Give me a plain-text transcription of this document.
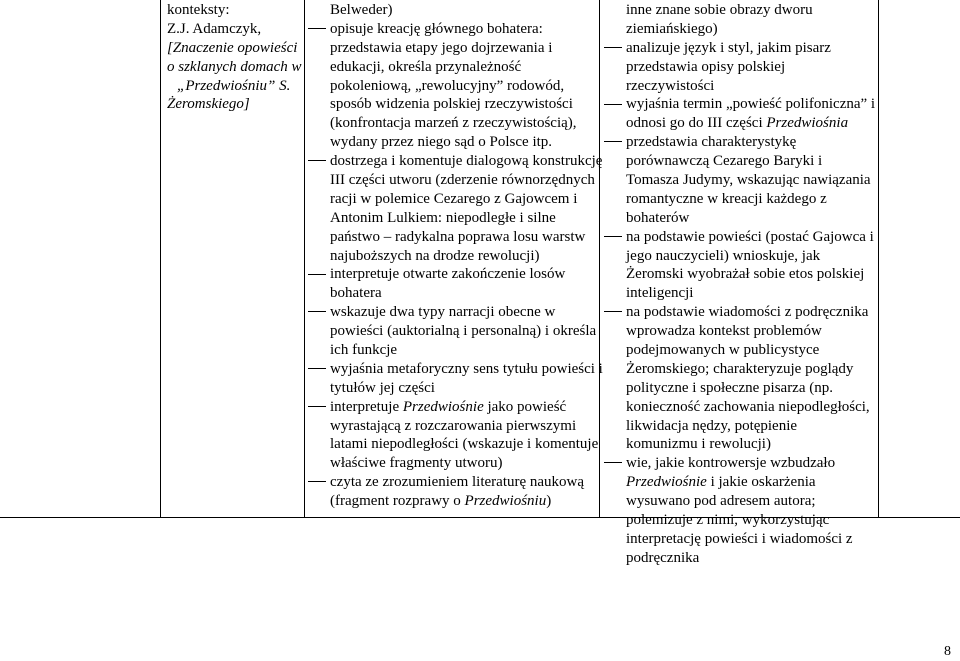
konteksty:
Z.J. Adamczyk,
[Znaczenie opowieści
o szklanych domach w
„Przedwiośniu” S.
Żeromskiego]
Belweder)
opisuje kreację głównego bohatera:
przedstawia etapy jego dojrzewania i
edukacji, określa przynależność
pokoleniową, „rewolucyjny” rodowód,
sposób widzenia polskiej rzeczywistości
(konfrontacja marzeń z rzeczywistością),
wydany przez niego sąd o Polsce itp.
dostrzega i komentuje dialogową konstrukcję
III części utworu (zderzenie równorzędnych
racji w polemice Cezarego z Gajowcem i
Antonim Lulkiem: niepodległe i silne
państwo – radykalna poprawa losu warstw
najuboższych na drodze rewolucji)
interpretuje otwarte zakończenie losów
bohatera
wskazuje dwa typy narracji obecne w
powieści (auktorialną i personalną) i określa
ich funkcje
wyjaśnia metaforyczny sens tytułu powieści i
tytułów jej części
interpretuje Przedwiośnie jako powieść
wyrastającą z rozczarowania pierwszymi
latami niepodległości (wskazuje i komentuje
właściwe fragmenty utworu)
czyta ze zrozumieniem literaturę naukową
(fragment rozprawy o Przedwiośniu)
inne znane sobie obrazy dworu
ziemiańskiego)
analizuje język i styl, jakim pisarz
przedstawia opisy polskiej
rzeczywistości
wyjaśnia termin „powieść polifoniczna” i
odnosi go do III części Przedwiośnia
przedstawia charakterystykę
porównawczą Cezarego Baryki i
Tomasza Judymy, wskazując nawiązania
romantyczne w kreacji każdego z
bohaterów
na podstawie powieści (postać Gajowca i
jego nauczycieli) wnioskuje, jak
Żeromski wyobrażał sobie etos polskiej
inteligencji
na podstawie wiadomości z podręcznika
wprowadza kontekst problemów
podejmowanych w publicystyce
Żeromskiego; charakteryzuje poglądy
polityczne i społeczne pisarza (np.
konieczność zachowania niepodległości,
likwidacja nędzy, potępienie
komunizmu i rewolucji)
wie, jakie kontrowersje wzbudzało
Przedwiośnie i jakie oskarżenia
wysuwano pod adresem autora;
polemizuje z nimi, wykorzystując
interpretację powieści i wiadomości z
podręcznika
8
